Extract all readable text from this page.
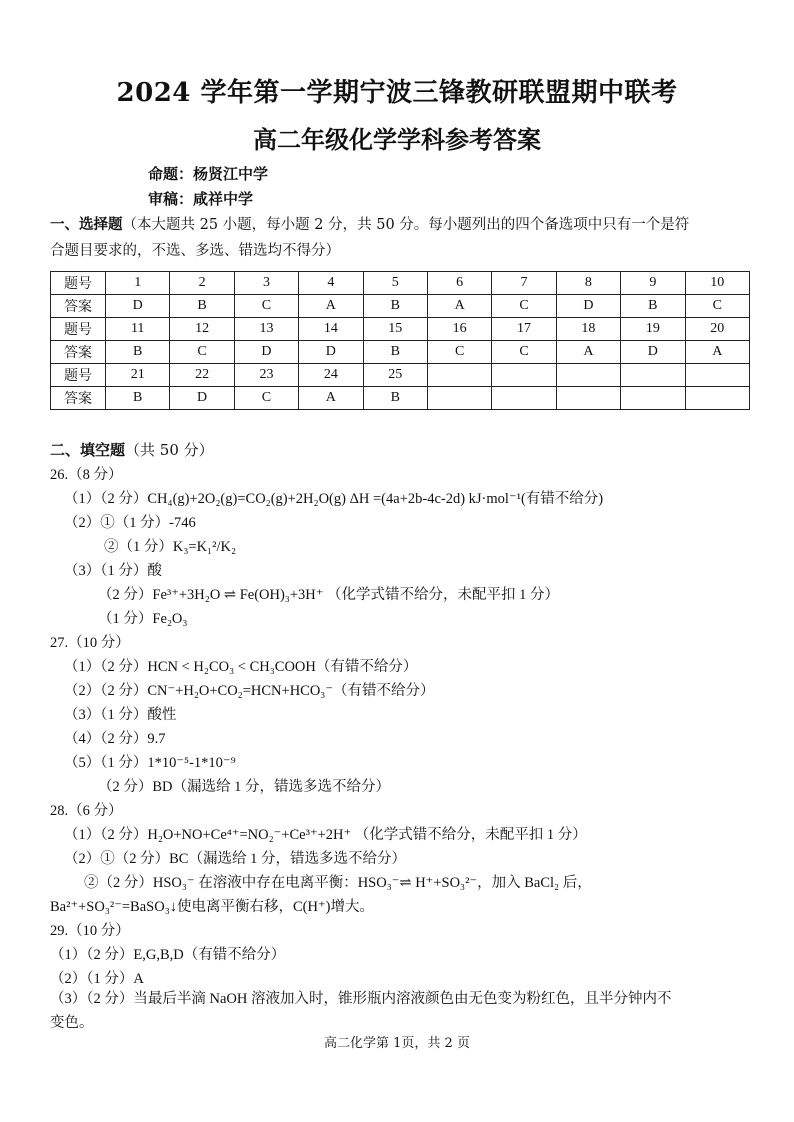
2024 学年第一学期宁波三锋教研联盟期中联考
高二年级化学学科参考答案
命题：杨贤江中学
审稿：咸祥中学
一、选择题（本大题共 25 小题，每小题 2 分，共 50 分。每小题列出的四个备选项中只有一个是符
合题目要求的，不选、多选、错选均不得分）
题号	1	2	3	4	5	6	7	8	9	10
答案	D	B	C	A	B	A	C	D	B	C
题号	11	12	13	14	15	16	17	18	19	20
答案	B	C	D	D	B	C	C	A	D	A
题号	21	22	23	24	25					
答案	B	D	C	A	B					
二、填空题（共 50 分）
26.（8 分）
（1）（2 分）CH₄(g)+2O₂(g)=CO₂(g)+2H₂O(g) ΔH =(4a+2b-4c-2d) kJ·mol⁻¹(有错不给分)
（2）①（1 分）-746
②（1 分）K₃=K₁²/K₂
（3）（1 分）酸
（2 分）Fe³⁺+3H₂O ⇌ Fe(OH)₃+3H⁺ （化学式错不给分，未配平扣 1 分）
（1 分）Fe₂O₃
27.（10 分）
（1）（2 分）HCN < H₂CO₃ < CH₃COOH（有错不给分）
（2）（2 分）CN⁻+H₂O+CO₂=HCN+HCO₃⁻（有错不给分）
（3）（1 分）酸性
（4）（2 分）9.7
（5）（1 分）1*10⁻⁵-1*10⁻⁹
（2 分）BD（漏选给 1 分，错选多选不给分）
28.（6 分）
（1）（2 分）H₂O+NO+Ce⁴⁺=NO₂⁻+Ce³⁺+2H⁺ （化学式错不给分，未配平扣 1 分）
（2）①（2 分）BC（漏选给 1 分，错选多选不给分）
②（2 分）HSO₃⁻ 在溶液中存在电离平衡：HSO₃⁻⇌ H⁺+SO₃²⁻，加入 BaCl₂ 后，
Ba²⁺+SO₃²⁻=BaSO₃↓使电离平衡右移，C(H⁺)增大。
29.（10 分）
（1）（2 分）E,G,B,D（有错不给分）
（2）（1 分）A
（3）（2 分）当最后半滴 NaOH 溶液加入时，锥形瓶内溶液颜色由无色变为粉红色，且半分钟内不
变色。
高二化学第 1页，共 2 页
